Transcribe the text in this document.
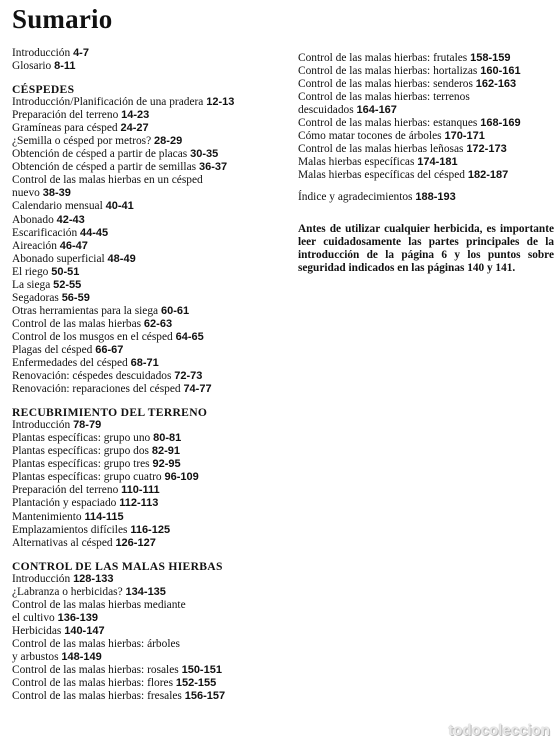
Sumario
Introducción 4-7
Glosario 8-11
CÉSPEDES
Introducción/Planificación de una pradera 12-13
Preparación del terreno 14-23
Gramíneas para césped 24-27
¿Semilla o césped por metros? 28-29
Obtención de césped a partir de placas 30-35
Obtención de césped a partir de semillas 36-37
Control de las malas hierbas en un césped
nuevo 38-39
Calendario mensual 40-41
Abonado 42-43
Escarificación 44-45
Aireación 46-47
Abonado superficial 48-49
El riego 50-51
La siega 52-55
Segadoras 56-59
Otras herramientas para la siega 60-61
Control de las malas hierbas 62-63
Control de los musgos en el césped 64-65
Plagas del césped 66-67
Enfermedades del césped 68-71
Renovación: céspedes descuidados 72-73
Renovación: reparaciones del césped 74-77
RECUBRIMIENTO DEL TERRENO
Introducción 78-79
Plantas específicas: grupo uno 80-81
Plantas específicas: grupo dos 82-91
Plantas específicas: grupo tres 92-95
Plantas específicas: grupo cuatro 96-109
Preparación del terreno 110-111
Plantación y espaciado 112-113
Mantenimiento 114-115
Emplazamientos difíciles 116-125
Alternativas al césped 126-127
CONTROL DE LAS MALAS HIERBAS
Introducción 128-133
¿Labranza o herbicidas? 134-135
Control de las malas hierbas mediante
el cultivo 136-139
Herbicidas 140-147
Control de las malas hierbas: árboles
y arbustos 148-149
Control de las malas hierbas: rosales 150-151
Control de las malas hierbas: flores 152-155
Control de las malas hierbas: fresales 156-157
Control de las malas hierbas: frutales 158-159
Control de las malas hierbas: hortalizas 160-161
Control de las malas hierbas: senderos 162-163
Control de las malas hierbas: terrenos
descuidados 164-167
Control de las malas hierbas: estanques 168-169
Cómo matar tocones de árboles 170-171
Control de las malas hierbas leñosas 172-173
Malas hierbas específicas 174-181
Malas hierbas específicas del césped 182-187
Índice y agradecimientos 188-193

Antes de utilizar cualquier herbicida, es importante leer cuidadosamente las partes principales de la introducción de la página 6 y los puntos sobre seguridad indicados en las páginas 140 y 141.

todocoleccion
